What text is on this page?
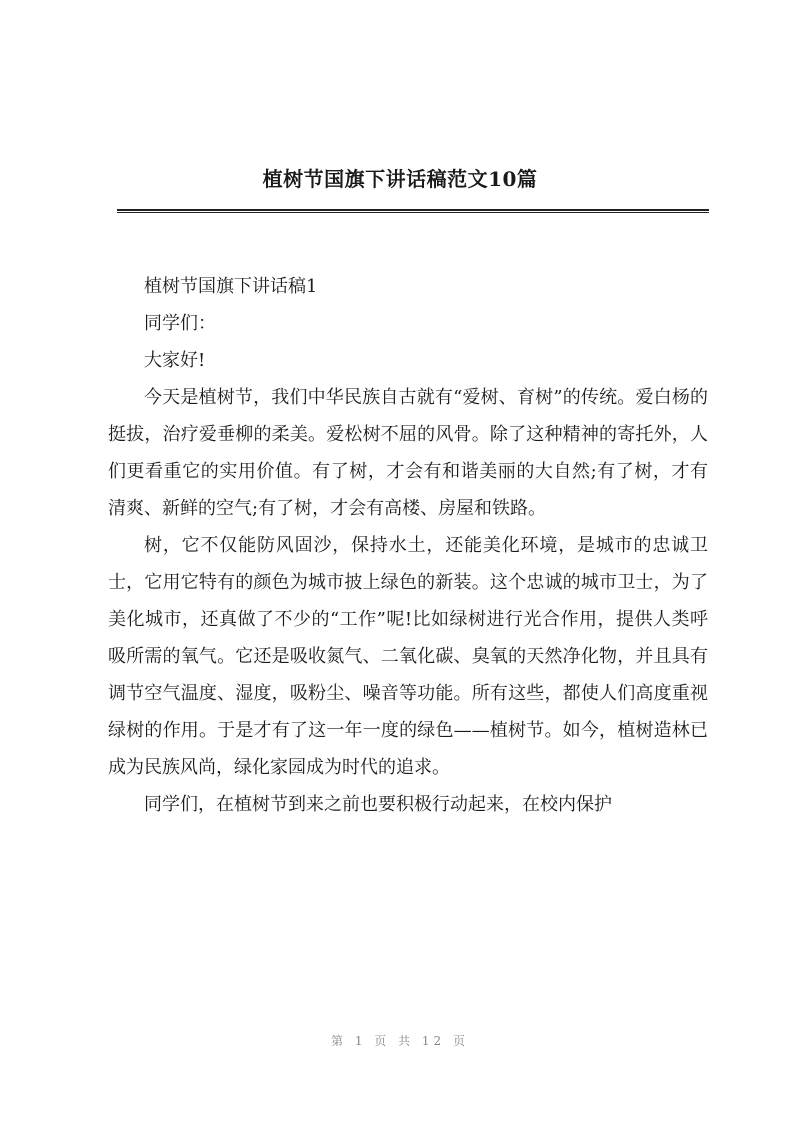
植树节国旗下讲话稿范文10篇

植树节国旗下讲话稿1

同学们：

大家好!

今天是植树节，我们中华民族自古就有“爱树、育树”的传统。爱白杨的挺拔，治疗爱垂柳的柔美。爱松树不屈的风骨。除了这种精神的寄托外，人们更看重它的实用价值。有了树，才会有和谐美丽的大自然;有了树，才有清爽、新鲜的空气;有了树，才会有高楼、房屋和铁路。

树，它不仅能防风固沙，保持水土，还能美化环境，是城市的忠诚卫士，它用它特有的颜色为城市披上绿色的新装。这个忠诚的城市卫士，为了美化城市，还真做了不少的“工作”呢!比如绿树进行光合作用，提供人类呼吸所需的氧气。它还是吸收氮气、二氧化碳、臭氧的天然净化物，并且具有调节空气温度、湿度，吸粉尘、噪音等功能。所有这些，都使人们高度重视绿树的作用。于是才有了这一年一度的绿色——植树节。如今，植树造林已成为民族风尚，绿化家园成为时代的追求。

同学们，在植树节到来之前也要积极行动起来，在校内保护

第 1 页 共 12 页
